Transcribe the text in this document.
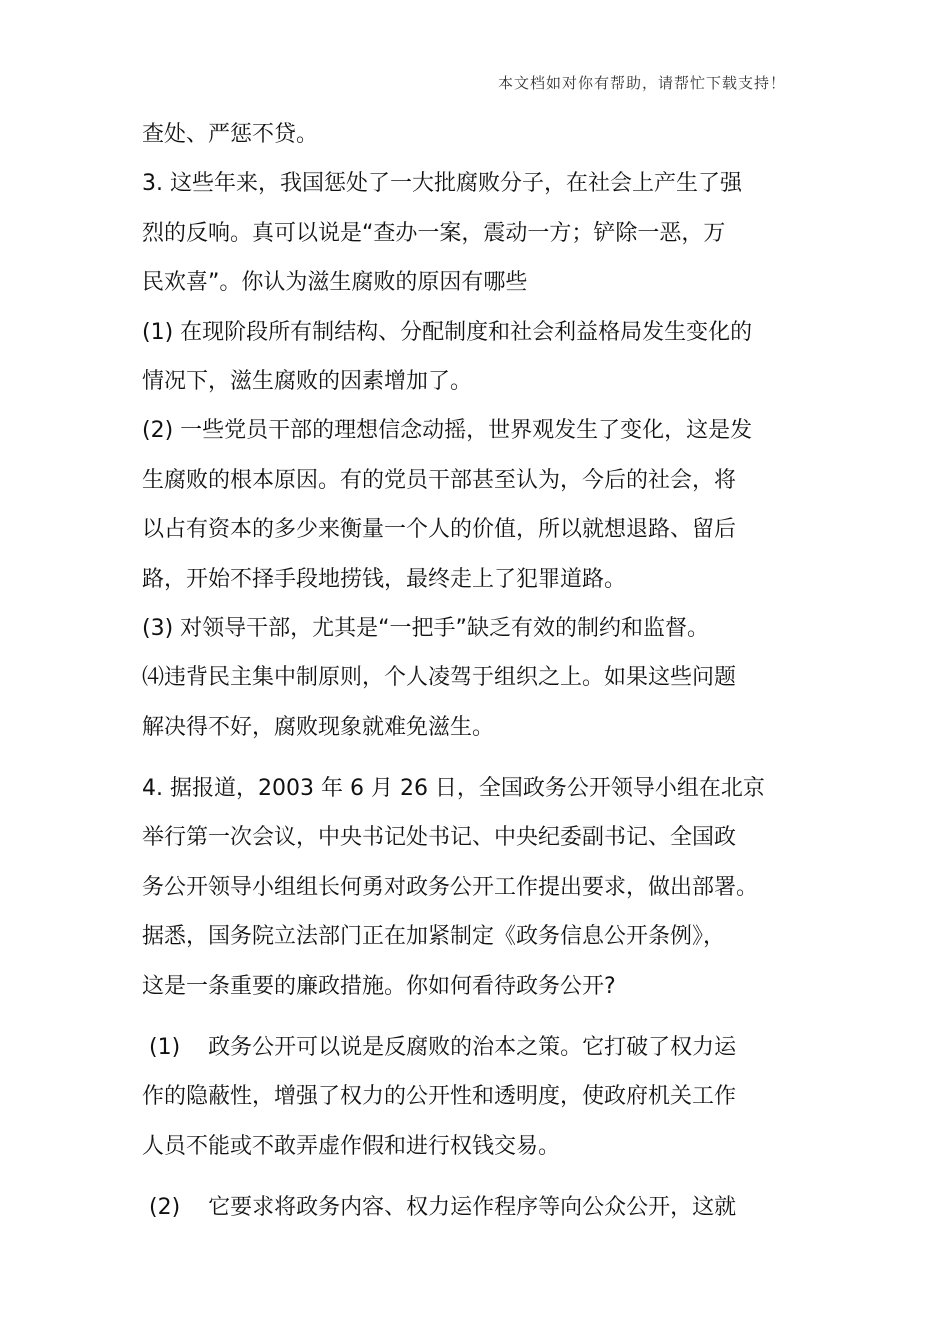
本文档如对你有帮助，请帮忙下载支持！
查处、严惩不贷。
3. 这些年来，我国惩处了一大批腐败分子，在社会上产生了强
烈的反响。真可以说是“查办一案，震动一方；铲除一恶，万
民欢喜”。你认为滋生腐败的原因有哪些
(1) 在现阶段所有制结构、分配制度和社会利益格局发生变化的
情况下，滋生腐败的因素增加了。
(2) 一些党员干部的理想信念动摇，世界观发生了变化，这是发
生腐败的根本原因。有的党员干部甚至认为，今后的社会，将
以占有资本的多少来衡量一个人的价值，所以就想退路、留后
路，开始不择手段地捞钱，最终走上了犯罪道路。
(3) 对领导干部，尤其是“一把手”缺乏有效的制约和监督。
⑷违背民主集中制原则，个人凌驾于组织之上。如果这些问题
解决得不好，腐败现象就难免滋生。
4. 据报道，2003 年 6 月 26 日，全国政务公开领导小组在北京
举行第一次会议，中央书记处书记、中央纪委副书记、全国政
务公开领导小组组长何勇对政务公开工作提出要求，做出部署。
据悉，国务院立法部门正在加紧制定《政务信息公开条例》，
这是一条重要的廉政措施。你如何看待政务公开?
(1)    政务公开可以说是反腐败的治本之策。它打破了权力运
作的隐蔽性，增强了权力的公开性和透明度，使政府机关工作
人员不能或不敢弄虚作假和进行权钱交易。
(2)    它要求将政务内容、权力运作程序等向公众公开，这就
